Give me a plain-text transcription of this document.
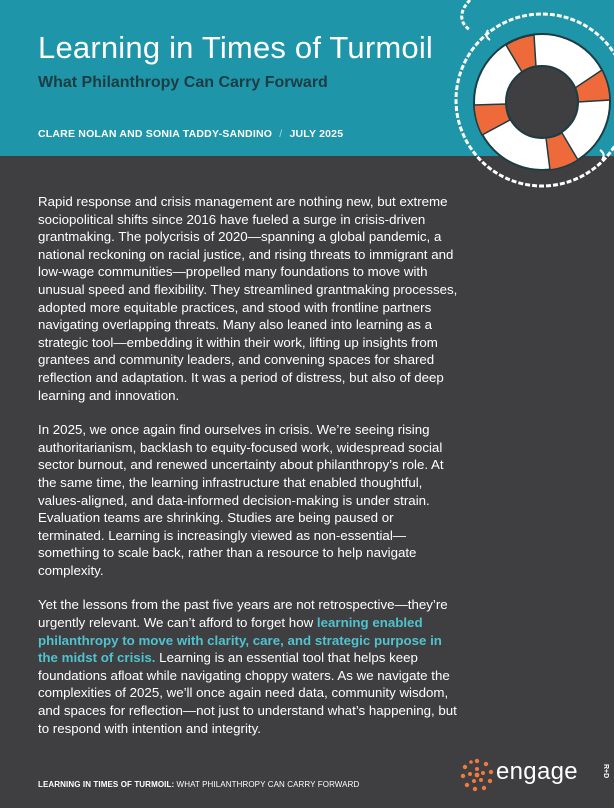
Learning in Times of Turmoil
What Philanthropy Can Carry Forward
CLARE NOLAN AND SONIA TADDY-SANDINO / JULY 2025

Rapid response and crisis management are nothing new, but extreme sociopolitical shifts since 2016 have fueled a surge in crisis-driven grantmaking. The polycrisis of 2020—spanning a global pandemic, a national reckoning on racial justice, and rising threats to immigrant and low-wage communities—propelled many foundations to move with unusual speed and flexibility. They streamlined grantmaking processes, adopted more equitable practices, and stood with frontline partners navigating overlapping threats. Many also leaned into learning as a strategic tool—embedding it within their work, lifting up insights from grantees and community leaders, and convening spaces for shared reflection and adaptation. It was a period of distress, but also of deep learning and innovation.

In 2025, we once again find ourselves in crisis. We’re seeing rising authoritarianism, backlash to equity-focused work, widespread social sector burnout, and renewed uncertainty about philanthropy’s role. At the same time, the learning infrastructure that enabled thoughtful, values-aligned, and data-informed decision-making is under strain. Evaluation teams are shrinking. Studies are being paused or terminated. Learning is increasingly viewed as non-essential—something to scale back, rather than a resource to help navigate complexity.

Yet the lessons from the past five years are not retrospective—they’re urgently relevant. We can’t afford to forget how learning enabled philanthropy to move with clarity, care, and strategic purpose in the midst of crisis. Learning is an essential tool that helps keep foundations afloat while navigating choppy waters. As we navigate the complexities of 2025, we’ll once again need data, community wisdom, and spaces for reflection—not just to understand what’s happening, but to respond with intention and integrity.

LEARNING IN TIMES OF TURMOIL: WHAT PHILANTHROPY CAN CARRY FORWARD	engage	R+D
